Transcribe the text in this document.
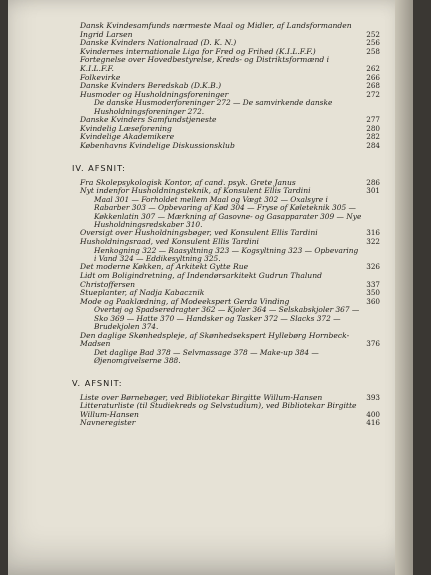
Dansk Kvindesamfunds nærmeste Maal og Midler, af Landsformanden Ingrid Larsen	252
Danske Kvinders Nationalraad (D. K. N.)	256
Kvindernes internationale Liga for Fred og Frihed (K.I.L.F.F.)	258
Fortegnelse over Hovedbestyrelse, Kreds- og Distriktsformænd i K.I.L.F.F.	262
Folkevirke	266
Danske Kvinders Beredskab (D.K.B.)	268
Husmoder og Husholdningsforeninger	272
De danske Husmoderforeninger 272 — De samvirkende danske Husholdningsforeninger 272.
Danske Kvinders Samfundstjeneste	277
Kvindelig Læseforening	280
Kvindelige Akademikere	282
Københavns Kvindelige Diskussionsklub	284
IV. AFSNIT:
Fra Skolepsykologisk Kontor, af cand. psyk. Grete Janus	286
Nyt indenfor Husholdningsteknik, af Konsulent Ellis Tardini	301
Maal 301 — Forholdet mellem Maal og Vægt 302 — Oxalsyre i Rabarber 303 — Opbevaring af Kød 304 — Fryse of Køleteknik 305 — Køkkenlatin 307 — Mærkning af Gasovne- og Gasapparater 309 — Nye Husholdningsredskaber 310.
Oversigt over Husholdningsbøger, ved Konsulent Ellis Tardini	316
Husholdningsraad, ved Konsulent Ellis Tardini	322
Henkogning 322 — Raasyltning 323 — Kogsyltning 323 — Opbevaring i Vand 324 — Eddikesyltning 325.
Det moderne Køkken, af Arkitekt Gytte Rue	326
Lidt om Boligindretning, af Indendørsarkitekt Gudrun Thalund Christoffersen	337
Stueplanter, af Nadja Kabacznik	350
Mode og Paaklædning, af Modeekspert Gerda Vinding	360
Overtøj og Spadseredragter 362 — Kjoler 364 — Selskabskjoler 367 — Sko 369 — Hatte 370 — Handsker og Tasker 372 — Slacks 372 — Brudekjolen 374.
Den daglige Skønhedspleje, af Skønhedsekspert Hyllebørg Hornbeck-Madsen	376
Det daglige Bad 378 — Selvmassage 378 — Make-up 384 — Øjenomgivelserne 388.
V. AFSNIT:
Liste over Børnebøger, ved Bibliotekar Birgitte Willum-Hansen	393
Litteraturliste (til Studiekreds og Selvstudium), ved Bibliotekar Birgitte Willum-Hansen	400
Navneregister	416
